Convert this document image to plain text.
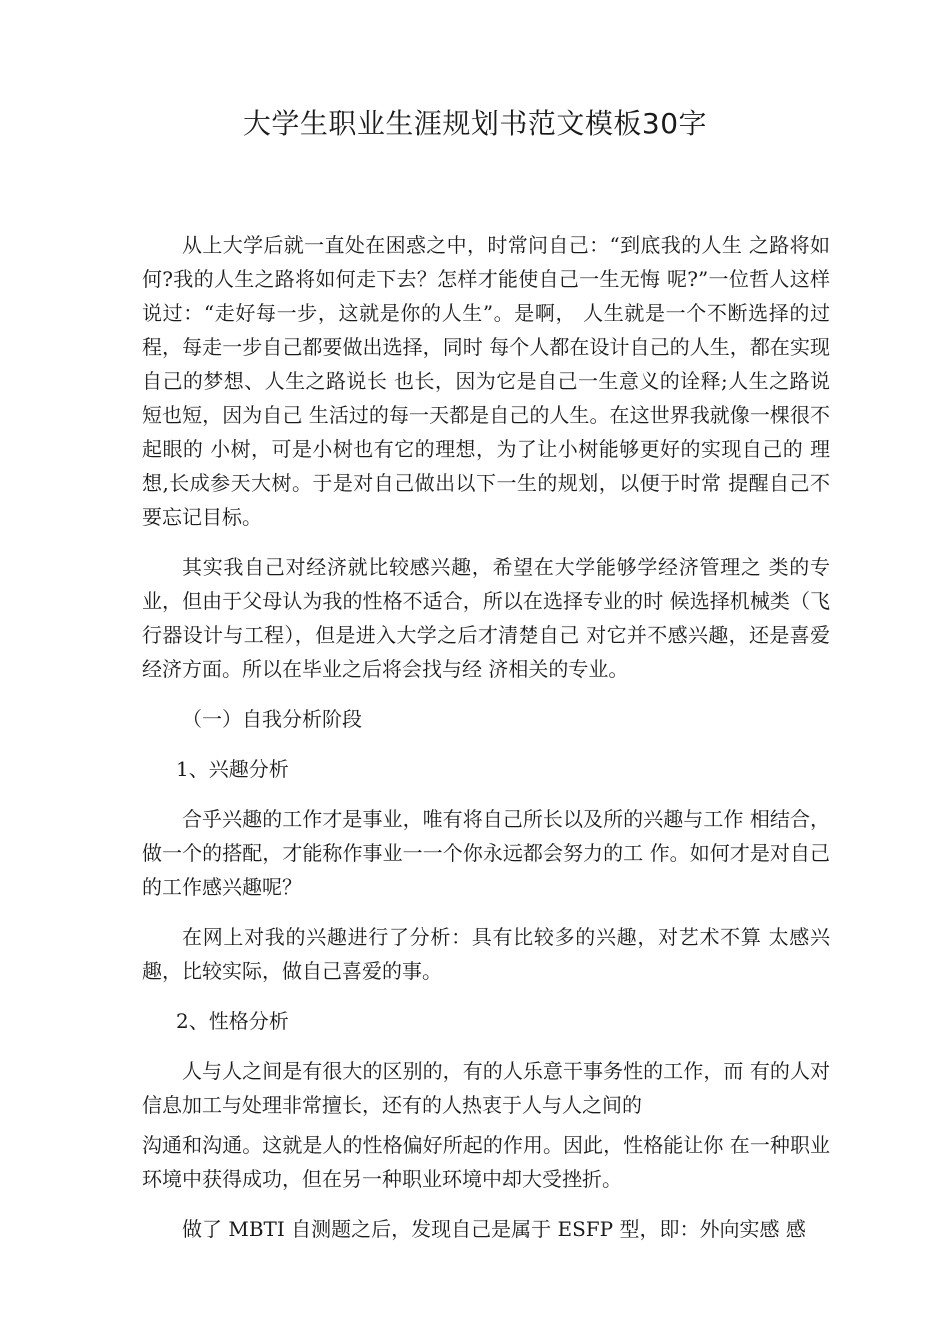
大学生职业生涯规划书范文模板30字

从上大学后就一直处在困惑之中，时常问自己：“到底我的人生 之路将如何?我的人生之路将如何走下去？怎样才能使自己一生无悔 呢?”一位哲人这样说过：“走好每一步，这就是你的人生”。是啊， 人生就是一个不断选择的过程，每走一步自己都要做出选择，同时 每个人都在设计自己的人生，都在实现自己的梦想、人生之路说长 也长，因为它是自己一生意义的诠释;人生之路说短也短，因为自己 生活过的每一天都是自己的人生。在这世界我就像一棵很不起眼的 小树，可是小树也有它的理想，为了让小树能够更好的实现自己的 理想,长成参天大树。于是对自己做出以下一生的规划，以便于时常 提醒自己不要忘记目标。

其实我自己对经济就比较感兴趣，希望在大学能够学经济管理之 类的专业，但由于父母认为我的性格不适合，所以在选择专业的时 候选择机械类（飞行器设计与工程），但是进入大学之后才清楚自己 对它并不感兴趣，还是喜爱经济方面。所以在毕业之后将会找与经 济相关的专业。

（一）自我分析阶段

1、兴趣分析

合乎兴趣的工作才是事业，唯有将自己所长以及所的兴趣与工作 相结合，做一个的搭配，才能称作事业一一个你永远都会努力的工 作。如何才是对自己的工作感兴趣呢？

在网上对我的兴趣进行了分析：具有比较多的兴趣，对艺术不算 太感兴趣，比较实际，做自己喜爱的事。

2、性格分析

人与人之间是有很大的区别的，有的人乐意干事务性的工作，而 有的人对信息加工与处理非常擅长，还有的人热衷于人与人之间的

沟通和沟通。这就是人的性格偏好所起的作用。因此，性格能让你 在一种职业环境中获得成功，但在另一种职业环境中却大受挫折。

做了 MBTI 自测题之后，发现自己是属于 ESFP 型，即：外向实感 感
